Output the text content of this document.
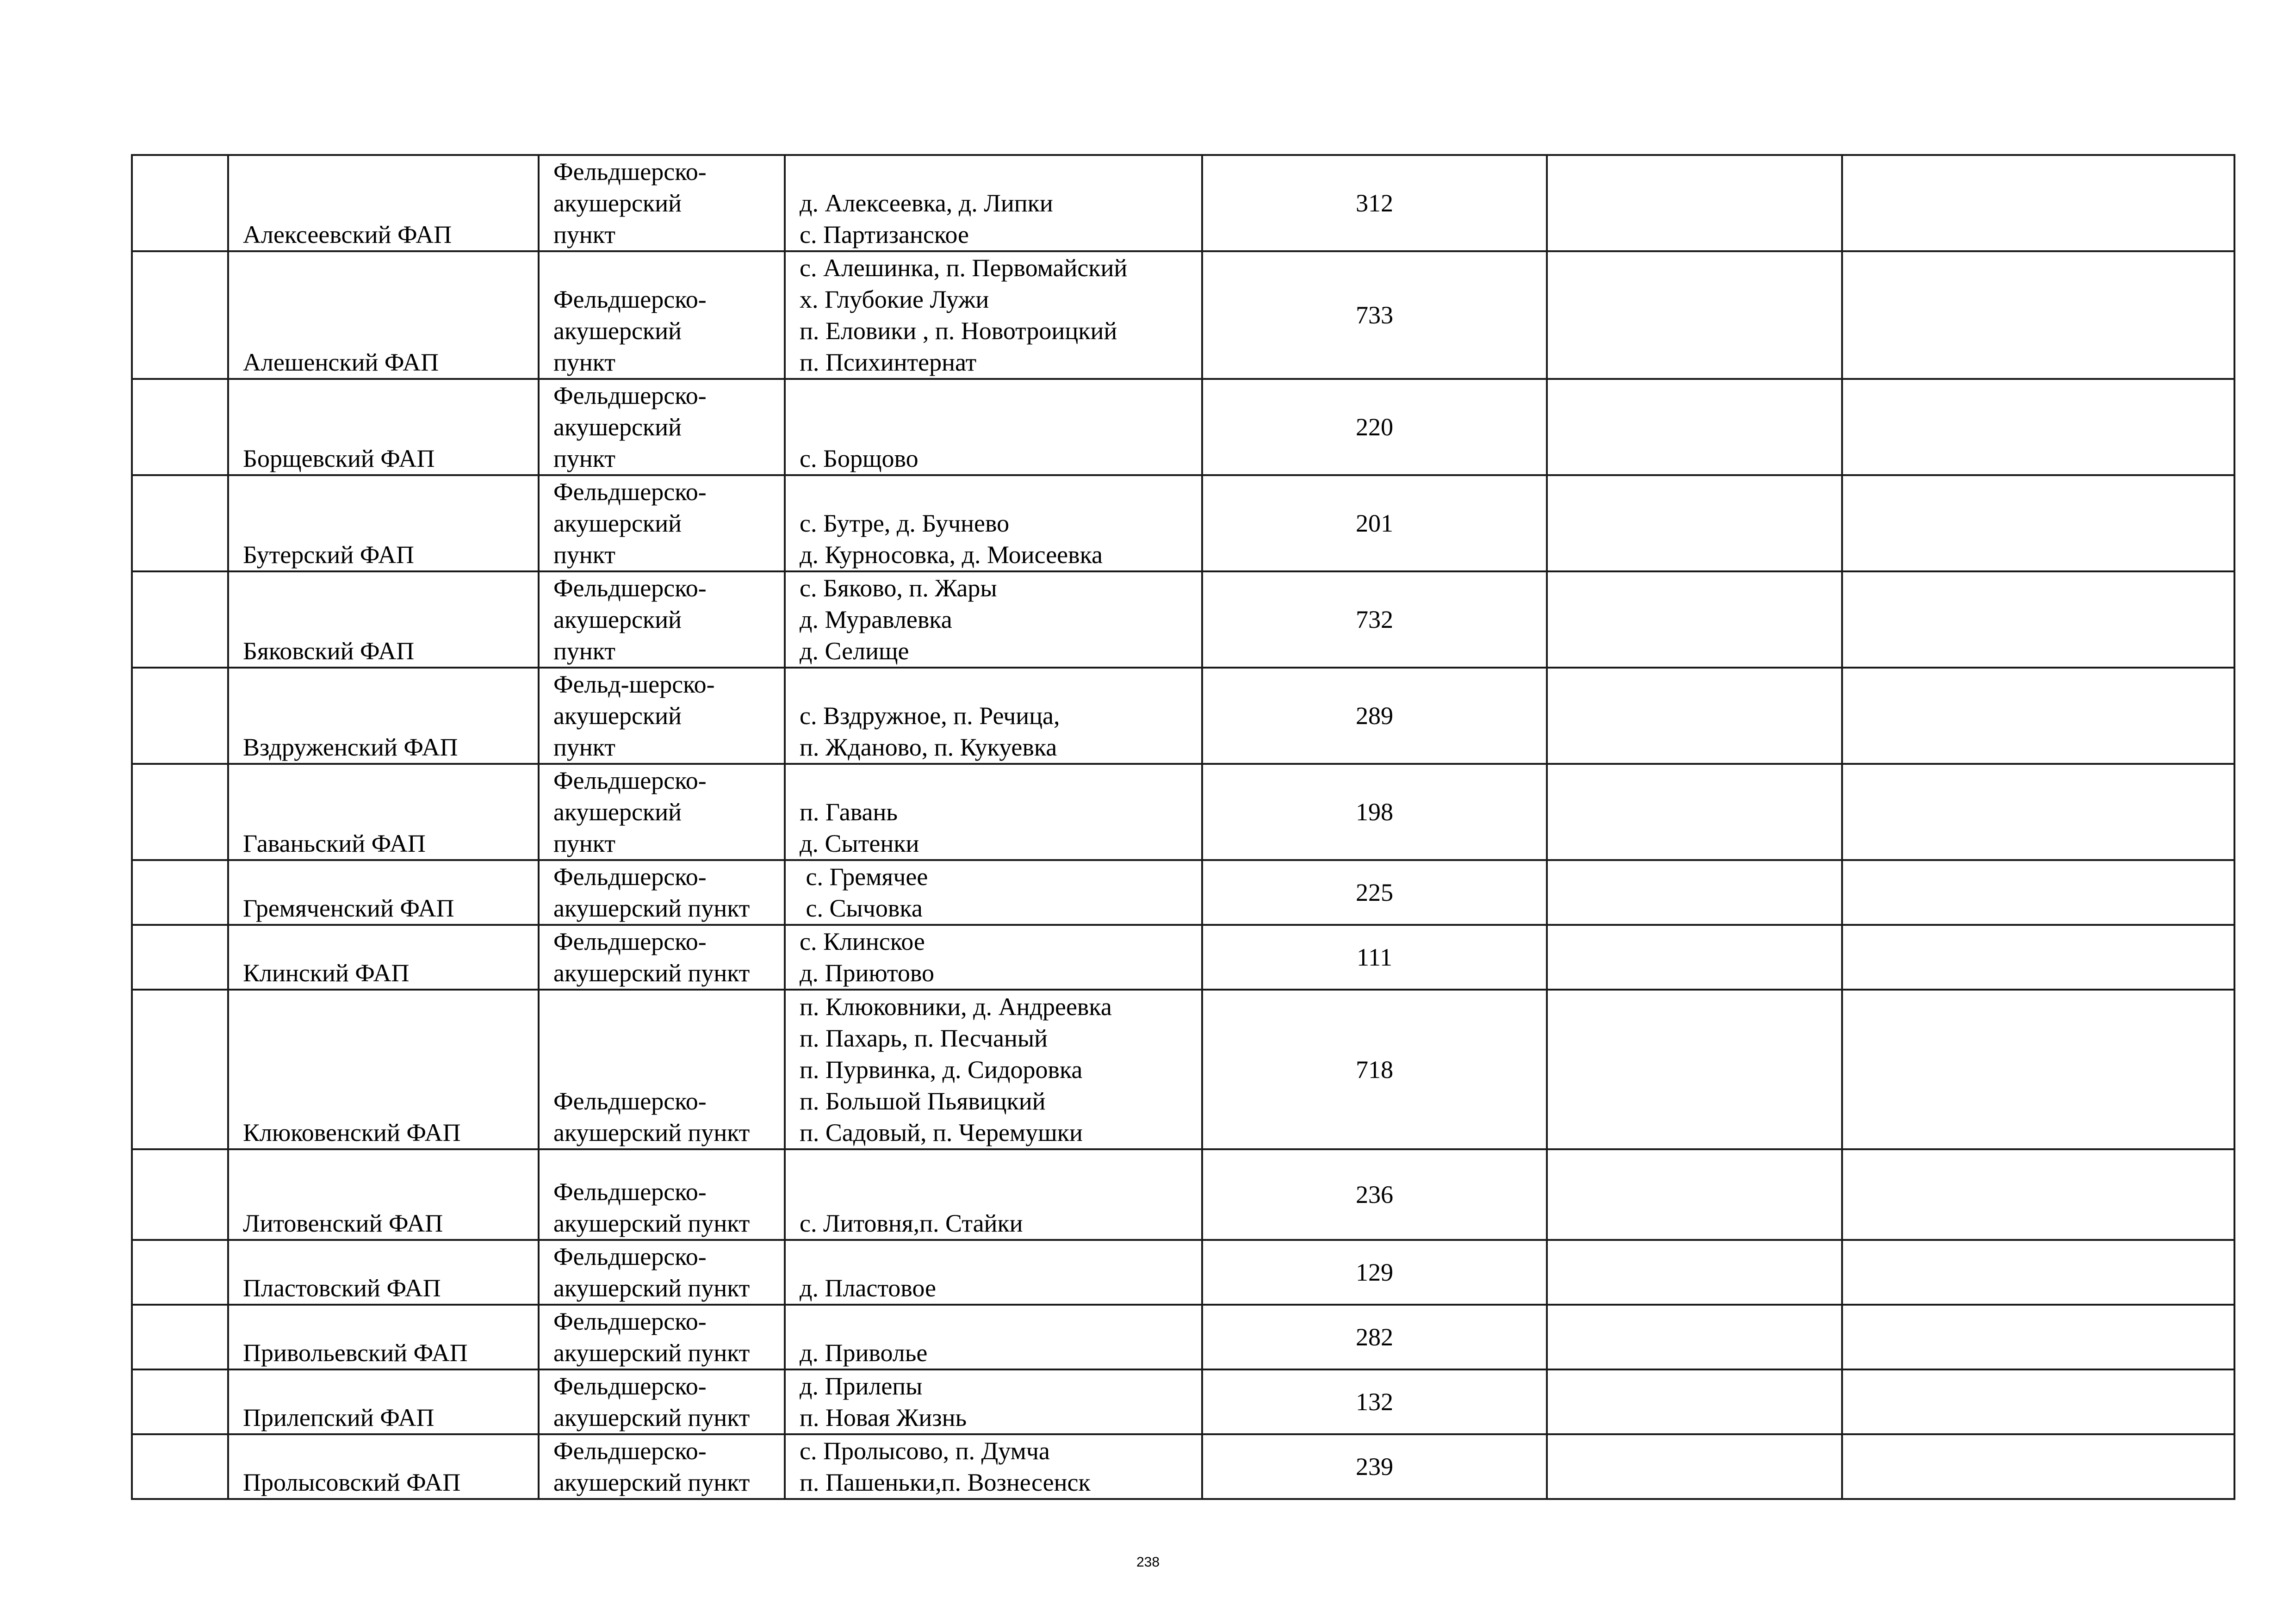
	Алексеевский ФАП	Фельдшерско-
акушерский
пункт	д. Алексеевка, д. Липки
с. Партизанское	312		
	Алешенский ФАП	Фельдшерско-
акушерский
пункт	с. Алешинка, п. Первомайский
х. Глубокие Лужи
п. Еловики , п. Новотроицкий
п. Психинтернат	733		
	Борщевский ФАП	Фельдшерско-
акушерский
пункт	с. Борщово	220		
	Бутерский ФАП	Фельдшерско-
акушерский
пункт	с. Бутре, д. Бучнево
д. Курносовка, д. Моисеевка	201		
	Бяковский ФАП	Фельдшерско-
акушерский
пункт	с. Бяково, п. Жары
д. Муравлевка
д. Селище	732		
	Вздруженский ФАП	Фельд-шерско-
акушерский
пункт	с. Вздружное, п. Речица,
п. Жданово, п. Кукуевка	289		
	Гаваньский ФАП	Фельдшерско-
акушерский
пункт	п. Гавань
д. Сытенки	198		
	Гремяченский ФАП	Фельдшерско-
акушерский пункт	с. Гремячее
с. Сычовка	225		
	Клинский ФАП	Фельдшерско-
акушерский пункт	с. Клинское
д. Приютово	111		
	Клюковенский ФАП	Фельдшерско-
акушерский пункт	п. Клюковники, д. Андреевка
п. Пахарь, п. Песчаный
п. Пурвинка, д. Сидоровка
п. Большой Пьявицкий
п. Садовый, п. Черемушки	718		
	Литовенский ФАП	Фельдшерско-
акушерский пункт	с. Литовня,п. Стайки	236		
	Пластовский ФАП	Фельдшерско-
акушерский пункт	д. Пластовое	129		
	Привольевский ФАП	Фельдшерско-
акушерский пункт	д. Приволье	282		
	Прилепский ФАП	Фельдшерско-
акушерский пункт	д. Прилепы
п. Новая Жизнь	132		
	Пролысовский ФАП	Фельдшерско-
акушерский пункт	с. Пролысово, п. Думча
п. Пашеньки,п. Вознесенск	239		
238
